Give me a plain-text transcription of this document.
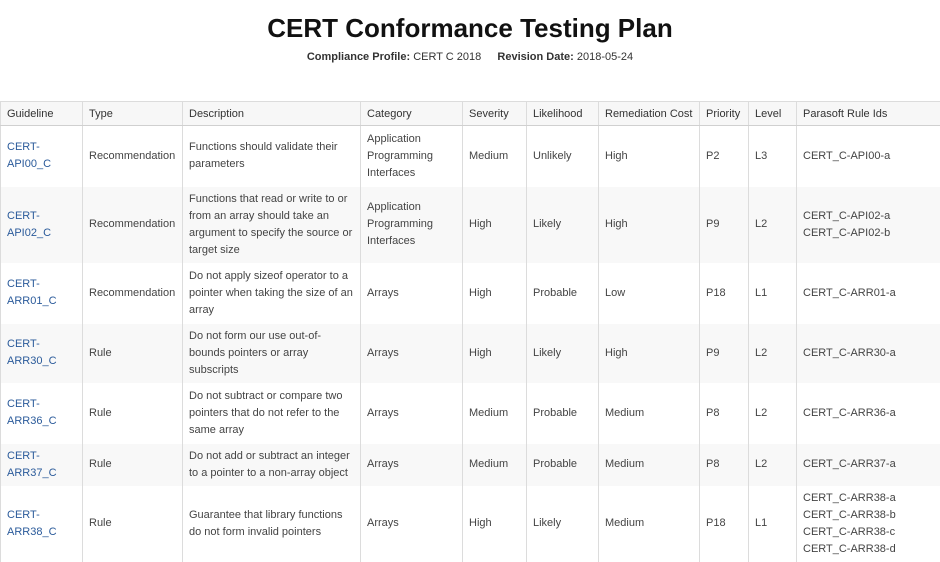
CERT Conformance Testing Plan
Compliance Profile: CERT C 2018 Revision Date: 2018-05-24
Guideline	Type	Description	Category	Severity	Likelihood	Remediation Cost	Priority	Level	Parasoft Rule Ids
CERT-API00_C	Recommendation	Functions should validate their parameters	Application Programming Interfaces	Medium	Unlikely	High	P2	L3	CERT_C-API00-a

CERT-API02_C	Recommendation	Functions that read or write to or from an array should take an argument to specify the source or target size	Application Programming Interfaces	High	Likely	High	P9	L2	CERT_C-API02-a
CERT_C-API02-b

CERT-ARR01_C	Recommendation	Do not apply sizeof operator to a pointer when taking the size of an array	Arrays	High	Probable	Low	P18	L1	CERT_C-ARR01-a

CERT-ARR30_C	Rule	Do not form our use out-of-bounds pointers or array subscripts	Arrays	High	Likely	High	P9	L2	CERT_C-ARR30-a

CERT-ARR36_C	Rule	Do not subtract or compare two pointers that do not refer to the same array	Arrays	Medium	Probable	Medium	P8	L2	CERT_C-ARR36-a

CERT-ARR37_C	Rule	Do not add or subtract an integer to a pointer to a non-array object	Arrays	Medium	Probable	Medium	P8	L2	CERT_C-ARR37-a

CERT-ARR38_C	Rule	Guarantee that library functions do not form invalid pointers	Arrays	High	Likely	Medium	P18	L1	CERT_C-ARR38-a
CERT_C-ARR38-b
CERT_C-ARR38-c
CERT_C-ARR38-d
